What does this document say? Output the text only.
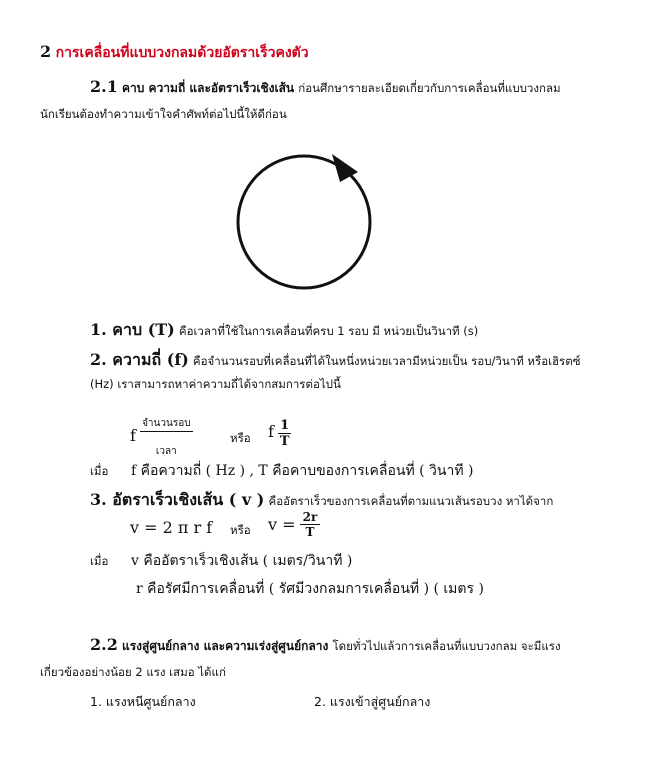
2 การเคลื่อนที่แบบวงกลมด้วยอัตราเร็วคงตัว
2.1 คาบ ความถี่ และอัตราเร็วเชิงเส้น ก่อนศึกษารายละเอียดเกี่ยวกับการเคลื่อนที่แบบวงกลม
นักเรียนต้องทำความเข้าใจคำศัพท์ต่อไปนี้ให้ดีก่อน
1. คาบ (T) คือเวลาที่ใช้ในการเคลื่อนที่ครบ 1 รอบ มี หน่วยเป็นวินาที (s)
2. ความถี่ (f) คือจำนวนรอบที่เคลื่อนที่ได้ในหนึ่งหน่วยเวลามีหน่วยเป็น รอบ/วินาที หรือเฮิรตซ์
(Hz) เราสามารถหาค่าความถี่ได้จากสมการต่อไปนี้
f $\frac{\text{จำนวนรอบ}}{\text{เวลา}}$	หรือ f $\frac{1}{T}$
เมื่อ f คือความถี่ ( Hz ) , T คือคาบของการเคลื่อนที่ ( วินาที )
3. อัตราเร็วเชิงเส้น ( v ) คืออัตราเร็วของการเคลื่อนที่ตามแนวเส้นรอบวง หาได้จาก
v = 2 π r f หรือ $v = \frac{2r}{T}$
เมื่อ v คืออัตราเร็วเชิงเส้น ( เมตร/วินาที )
r คือรัศมีการเคลื่อนที่ ( รัศมีวงกลมการเคลื่อนที่ ) ( เมตร )
2.2 แรงสู่ศูนย์กลาง และความเร่งสู่ศูนย์กลาง โดยทั่วไปแล้วการเคลื่อนที่แบบวงกลม จะมีแรง
เกี่ยวข้องอย่างน้อย 2 แรง เสมอ ได้แก่
1. แรงหนีศูนย์กลาง	2. แรงเข้าสู่ศูนย์กลาง
